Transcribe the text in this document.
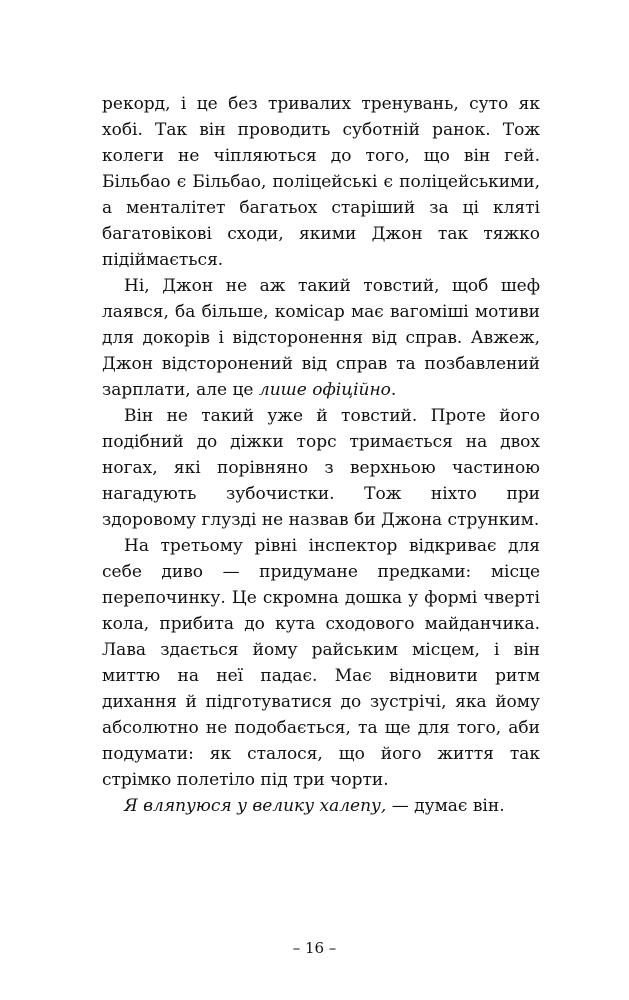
рекорд, і це без тривалих тренувань, суто як хобі. Так він проводить суботній ранок. Тож колеги не чіпляються до того, що він гей. Більбао є Більбао, поліцейські є поліцейськими, а менталітет багатьох старіший за ці кляті багатовікові сходи, якими Джон так тяжко підіймається.

Ні, Джон не аж такий товстий, щоб шеф лаявся, ба більше, комісар має вагоміші мотиви для докорів і відсторонення від справ. Авжеж, Джон відсторонений від справ та позбавлений зарплати, але це лише офіційно.

Він не такий уже й товстий. Проте його подібний до діжки торс тримається на двох ногах, які порівняно з верхньою частиною нагадують зубочистки. Тож ніхто при здоровому глузді не назвав би Джона струнким.

На третьому рівні інспектор відкриває для себе диво — придумане предками: місце перепочинку. Це скромна дошка у формі чверті кола, прибита до кута сходового майданчика. Лава здається йому райським місцем, і він миттю на неї падає. Має відновити ритм дихання й підготуватися до зустрічі, яка йому абсолютно не подобається, та ще для того, аби подумати: як сталося, що його життя так стрімко полетіло під три чорти.

Я вляпуюся у велику халепу, — думає він.

– 16 –
